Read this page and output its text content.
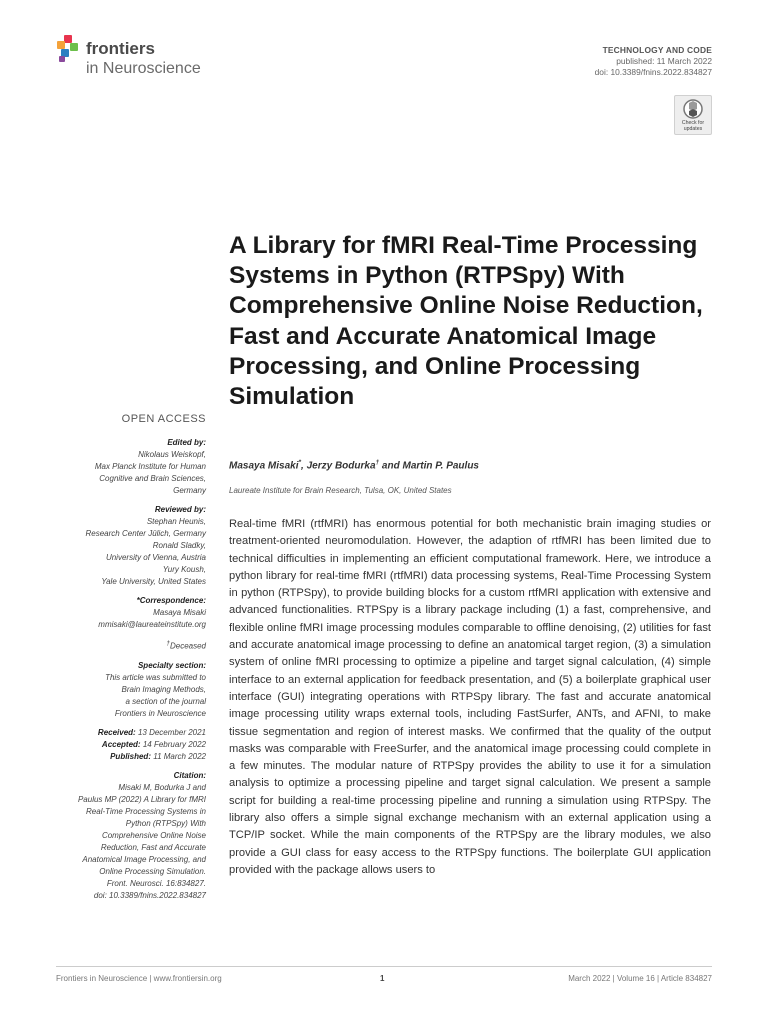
frontiers
in Neuroscience
TECHNOLOGY AND CODE
published: 11 March 2022
doi: 10.3389/fnins.2022.834827
Check for
updates
A Library for fMRI Real-Time Processing Systems in Python (RTPSpy) With Comprehensive Online Noise Reduction, Fast and Accurate Anatomical Image Processing, and Online Processing Simulation
Masaya Misaki*, Jerzy Bodurka† and Martin P. Paulus
Laureate Institute for Brain Research, Tulsa, OK, United States

Real-time fMRI (rtfMRI) has enormous potential for both mechanistic brain imaging studies or treatment-oriented neuromodulation. However, the adaption of rtfMRI has been limited due to technical difficulties in implementing an efficient computational framework. Here, we introduce a python library for real-time fMRI (rtfMRI) data processing systems, Real-Time Processing System in python (RTPSpy), to provide building blocks for a custom rtfMRI application with extensive and advanced functionalities. RTPSpy is a library package including (1) a fast, comprehensive, and flexible online fMRI image processing modules comparable to offline denoising, (2) utilities for fast and accurate anatomical image processing to define an anatomical target region, (3) a simulation system of online fMRI processing to optimize a pipeline and target signal calculation, (4) simple interface to an external application for feedback presentation, and (5) a boilerplate graphical user interface (GUI) integrating operations with RTPSpy library. The fast and accurate anatomical image processing utility wraps external tools, including FastSurfer, ANTs, and AFNI, to make tissue segmentation and region of interest masks. We confirmed that the quality of the output masks was comparable with FreeSurfer, and the anatomical image processing could complete in a few minutes. The modular nature of RTPSpy provides the ability to use it for a simulation analysis to optimize a processing pipeline and target signal calculation. We present a sample script for building a real-time processing pipeline and running a simulation using RTPSpy. The library also offers a simple signal exchange mechanism with an external application using a TCP/IP socket. While the main components of the RTPSpy are the library modules, we also provide a GUI class for easy access to the RTPSpy functions. The boilerplate GUI application provided with the package allows users to

OPEN ACCESS
Edited by:
Nikolaus Weiskopf,
Max Planck Institute for Human
Cognitive and Brain Sciences,
Germany
Reviewed by:
Stephan Heunis,
Research Center Jülich, Germany
Ronald Sladky,
University of Vienna, Austria
Yury Koush,
Yale University, United States
*Correspondence:
Masaya Misaki
mmisaki@laureateinstitute.org
†Deceased
Specialty section:
This article was submitted to
Brain Imaging Methods,
a section of the journal
Frontiers in Neuroscience
Received: 13 December 2021
Accepted: 14 February 2022
Published: 11 March 2022
Citation:
Misaki M, Bodurka J and
Paulus MP (2022) A Library for fMRI
Real-Time Processing Systems in
Python (RTPSpy) With
Comprehensive Online Noise
Reduction, Fast and Accurate
Anatomical Image Processing, and
Online Processing Simulation.
Front. Neurosci. 16:834827.
doi: 10.3389/fnins.2022.834827
Frontiers in Neuroscience | www.frontiersin.org	1	March 2022 | Volume 16 | Article 834827
